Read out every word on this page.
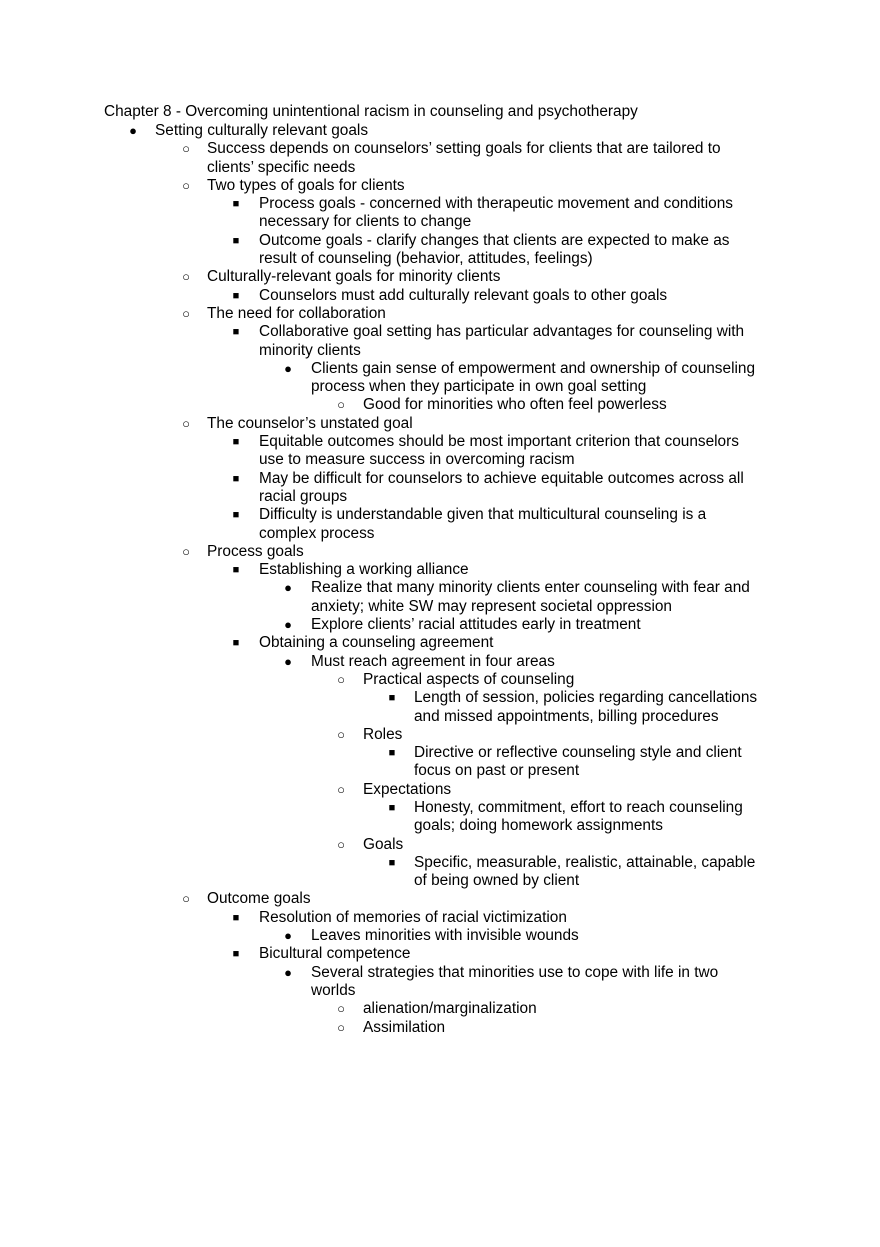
Chapter 8 - Overcoming unintentional racism in counseling and psychotherapy
●	Setting culturally relevant goals
○	Success depends on counselors’ setting goals for clients that are tailored to
clients’ specific needs
○	Two types of goals for clients
■	Process goals - concerned with therapeutic movement and conditions
necessary for clients to change
■	Outcome goals - clarify changes that clients are expected to make as
result of counseling (behavior, attitudes, feelings)
○	Culturally-relevant goals for minority clients
■	Counselors must add culturally relevant goals to other goals
○	The need for collaboration
■	Collaborative goal setting has particular advantages for counseling with
minority clients
●	Clients gain sense of empowerment and ownership of counseling
process when they participate in own goal setting
○	Good for minorities who often feel powerless
○	The counselor’s unstated goal
■	Equitable outcomes should be most important criterion that counselors
use to measure success in overcoming racism
■	May be difficult for counselors to achieve equitable outcomes across all
racial groups
■	Difficulty is understandable given that multicultural counseling is a
complex process
○	Process goals
■	Establishing a working alliance
●	Realize that many minority clients enter counseling with fear and
anxiety; white SW may represent societal oppression
●	Explore clients’ racial attitudes early in treatment
■	Obtaining a counseling agreement
●	Must reach agreement in four areas
○	Practical aspects of counseling
■	Length of session, policies regarding cancellations
and missed appointments, billing procedures
○	Roles
■	Directive or reflective counseling style and client
focus on past or present
○	Expectations
■	Honesty, commitment, effort to reach counseling
goals; doing homework assignments
○	Goals
■	Specific, measurable, realistic, attainable, capable
of being owned by client
○	Outcome goals
■	Resolution of memories of racial victimization
●	Leaves minorities with invisible wounds
■	Bicultural competence
●	Several strategies that minorities use to cope with life in two
worlds
○	alienation/marginalization
○	Assimilation
